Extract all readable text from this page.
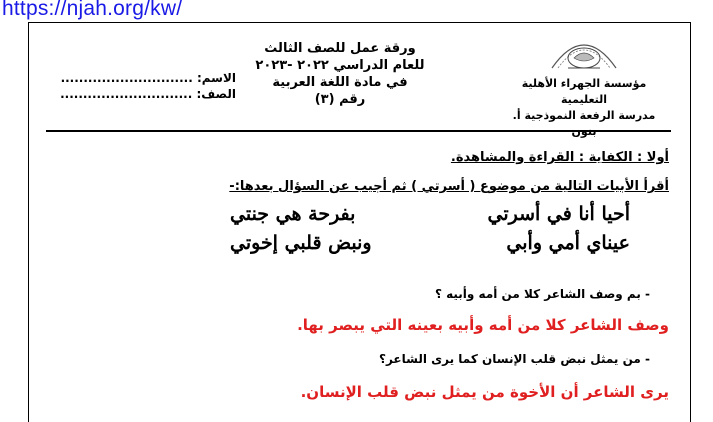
https://njah.org/kw/
مؤسسة الجهراء الأهلية التعليمية
مدرسة الرفعة النموذجية أ. بنون
ورقة عمل للصف الثالث
للعام الدراسي ٢٠٢٢ -٢٠٢٣
في مادة اللغة العربية
رقم (٣)
الاسم: .............................
الصف: .............................
أولا : الكفاية : القراءة والمشاهدة.
أقرأ الأبيات التالية من موضوع ( أسرتي ) ثم أجيب عن السؤال بعدها:-
أحيا أنا في أسرتي
بفرحة هي جنتي
عيناي أمي وأبي
ونبض قلبي إخوتي
- بم وصف الشاعر كلا من أمه وأبيه ؟
وصف الشاعر كلا من أمه وأبيه بعينه التي يبصر بها.
- من يمثل نبض قلب الإنسان كما يرى الشاعر؟
يرى الشاعر أن الأخوة من يمثل نبض قلب الإنسان.
